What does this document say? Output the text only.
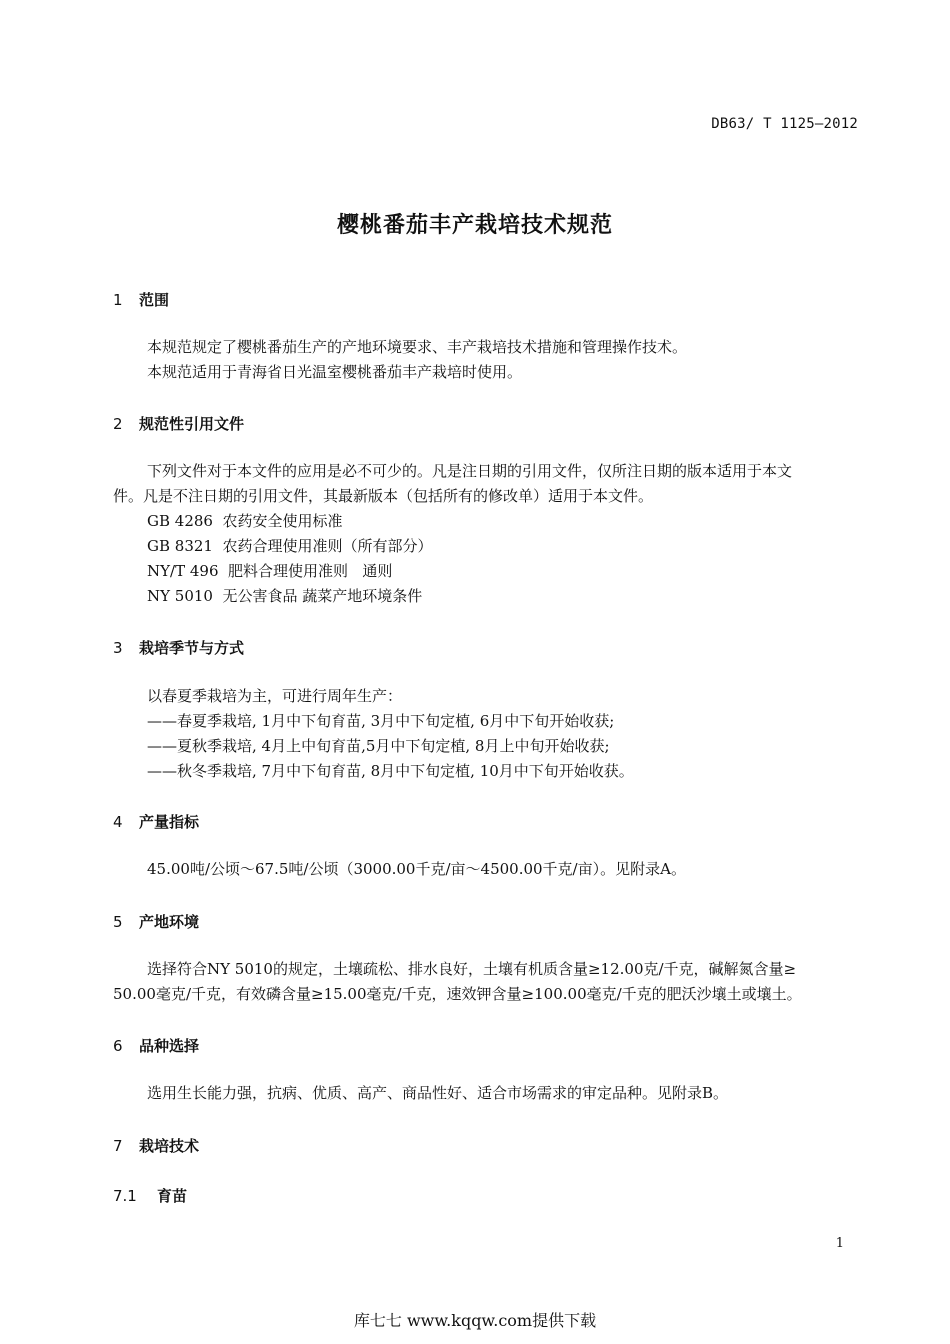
DB63/ T 1125—2012
樱桃番茄丰产栽培技术规范
1 范围
本规范规定了樱桃番茄生产的产地环境要求、丰产栽培技术措施和管理操作技术。
本规范适用于青海省日光温室樱桃番茄丰产栽培时使用。
2 规范性引用文件
下列文件对于本文件的应用是必不可少的。凡是注日期的引用文件，仅所注日期的版本适用于本文
件。凡是不注日期的引用文件，其最新版本（包括所有的修改单）适用于本文件。
GB 4286  农药安全使用标准
GB 8321  农药合理使用准则（所有部分）
NY/T 496  肥料合理使用准则   通则
NY 5010  无公害食品 蔬菜产地环境条件
3 栽培季节与方式
以春夏季栽培为主，可进行周年生产：
——春夏季栽培, 1月中下旬育苗, 3月中下旬定植, 6月中下旬开始收获;
——夏秋季栽培, 4月上中旬育苗,5月中下旬定植, 8月上中旬开始收获;
——秋冬季栽培, 7月中下旬育苗, 8月中下旬定植, 10月中下旬开始收获。
4 产量指标
45.00吨/公顷～67.5吨/公顷（3000.00千克/亩～4500.00千克/亩）。见附录A。
5 产地环境
选择符合NY 5010的规定，土壤疏松、排水良好，土壤有机质含量≥12.00克/千克，碱解氮含量≥
50.00毫克/千克，有效磷含量≥15.00毫克/千克，速效钾含量≥100.00毫克/千克的肥沃沙壤土或壤土。
6 品种选择
选用生长能力强，抗病、优质、高产、商品性好、适合市场需求的审定品种。见附录B。
7 栽培技术
7.1 育苗
1
库七七 www.kqqw.com提供下载
